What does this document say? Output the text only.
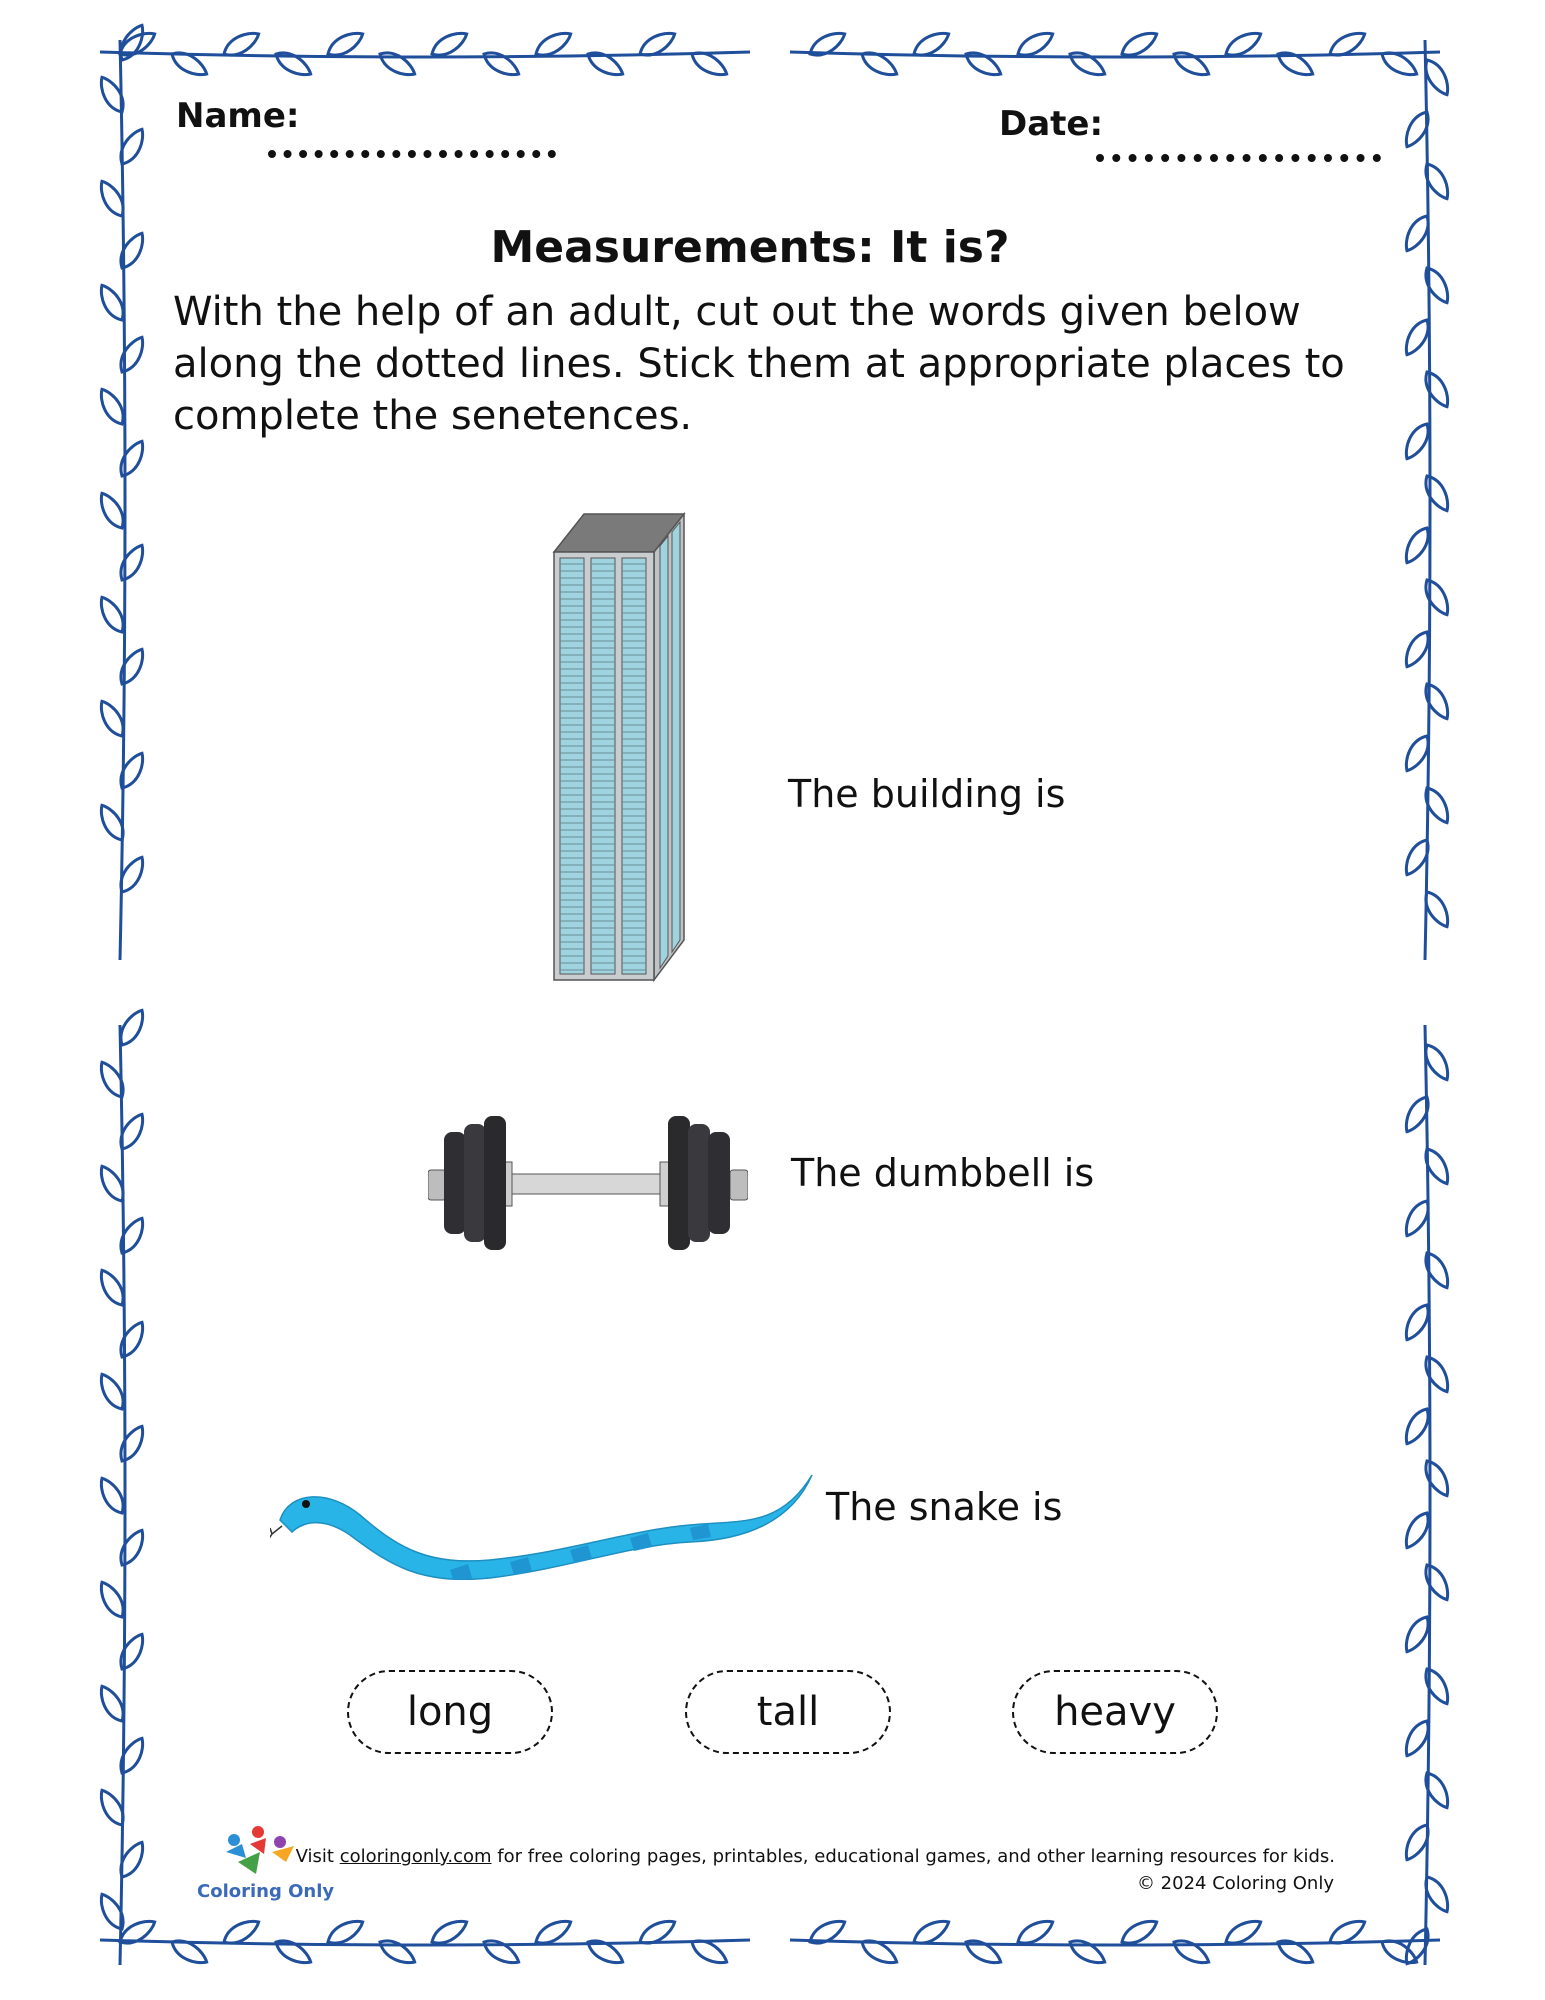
Name:	Date:
Measurements: It is?
With the help of an adult, cut out the words given below along the dotted lines. Stick them at appropriate places to complete the senetences.
The building is
The dumbbell is
The snake is
long	tall	heavy
Coloring Only
Visit coloringonly.com for free coloring pages, printables, educational games, and other learning resources for kids.
© 2024 Coloring Only
